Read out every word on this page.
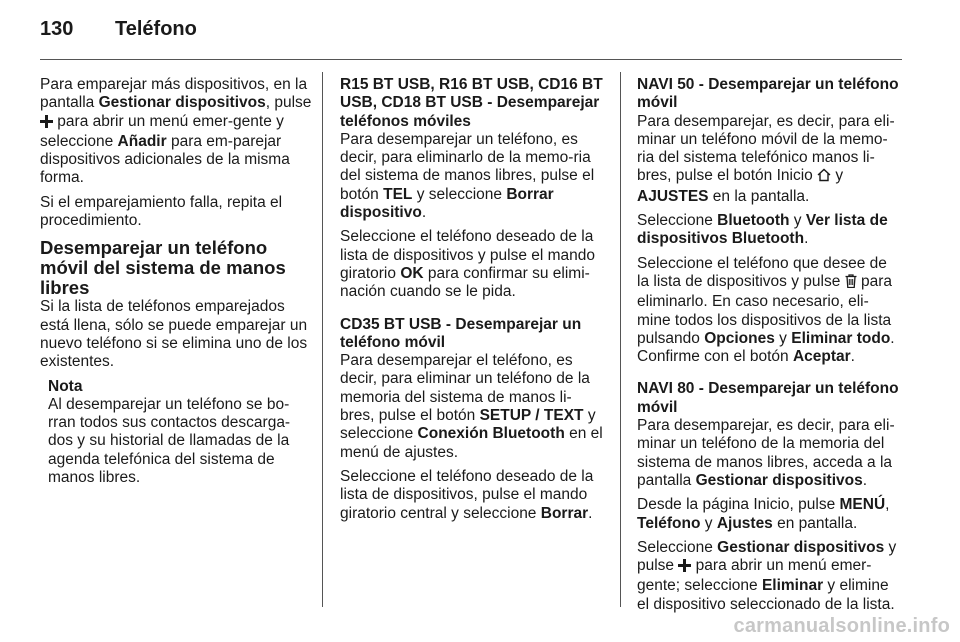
130	Teléfono

Para emparejar más dispositivos, en la pantalla Gestionar dispositivos, pulse  para abrir un menú emer-gente y seleccione Añadir para em-parejar dispositivos adicionales de la misma forma.

Si el emparejamiento falla, repita el procedimiento.

Desemparejar un teléfono móvil del sistema de manos libres

Si la lista de teléfonos emparejados está llena, sólo se puede emparejar un nuevo teléfono si se elimina uno de los existentes.

Nota
Al desemparejar un teléfono se bo-rran todos sus contactos descarga-dos y su historial de llamadas de la agenda telefónica del sistema de manos libres.
R15 BT USB, R16 BT USB, CD16 BT USB, CD18 BT USB - Desemparejar teléfonos móviles

Para desemparejar un teléfono, es decir, para eliminarlo de la memo-ria del sistema de manos libres, pulse el botón TEL y seleccione Borrar dispositivo.

Seleccione el teléfono deseado de la lista de dispositivos y pulse el mando giratorio OK para confirmar su elimi-nación cuando se le pida.

CD35 BT USB - Desemparejar un teléfono móvil

Para desemparejar el teléfono, es decir, para eliminar un teléfono de la memoria del sistema de manos li-bres, pulse el botón SETUP / TEXT y seleccione Conexión Bluetooth en el menú de ajustes.

Seleccione el teléfono deseado de la lista de dispositivos, pulse el mando giratorio central y seleccione Borrar.

NAVI 50 - Desemparejar un teléfono móvil

Para desemparejar, es decir, para eli-minar un teléfono móvil de la memo-ria del sistema telefónico manos li-bres, pulse el botón Inicio  y AJUSTES en la pantalla.

Seleccione Bluetooth y Ver lista de dispositivos Bluetooth.

Seleccione el teléfono que desee de la lista de dispositivos y pulse  para eliminarlo. En caso necesario, eli-mine todos los dispositivos de la lista pulsando Opciones y Eliminar todo. Confirme con el botón Aceptar.

NAVI 80 - Desemparejar un teléfono móvil

Para desemparejar, es decir, para eli-minar un teléfono de la memoria del sistema de manos libres, acceda a la pantalla Gestionar dispositivos.

Desde la página Inicio, pulse MENÚ, Teléfono y Ajustes en pantalla.

Seleccione Gestionar dispositivos y pulse  para abrir un menú emer-gente; seleccione Eliminar y elimine el dispositivo seleccionado de la lista.

carmanualsonline.info
